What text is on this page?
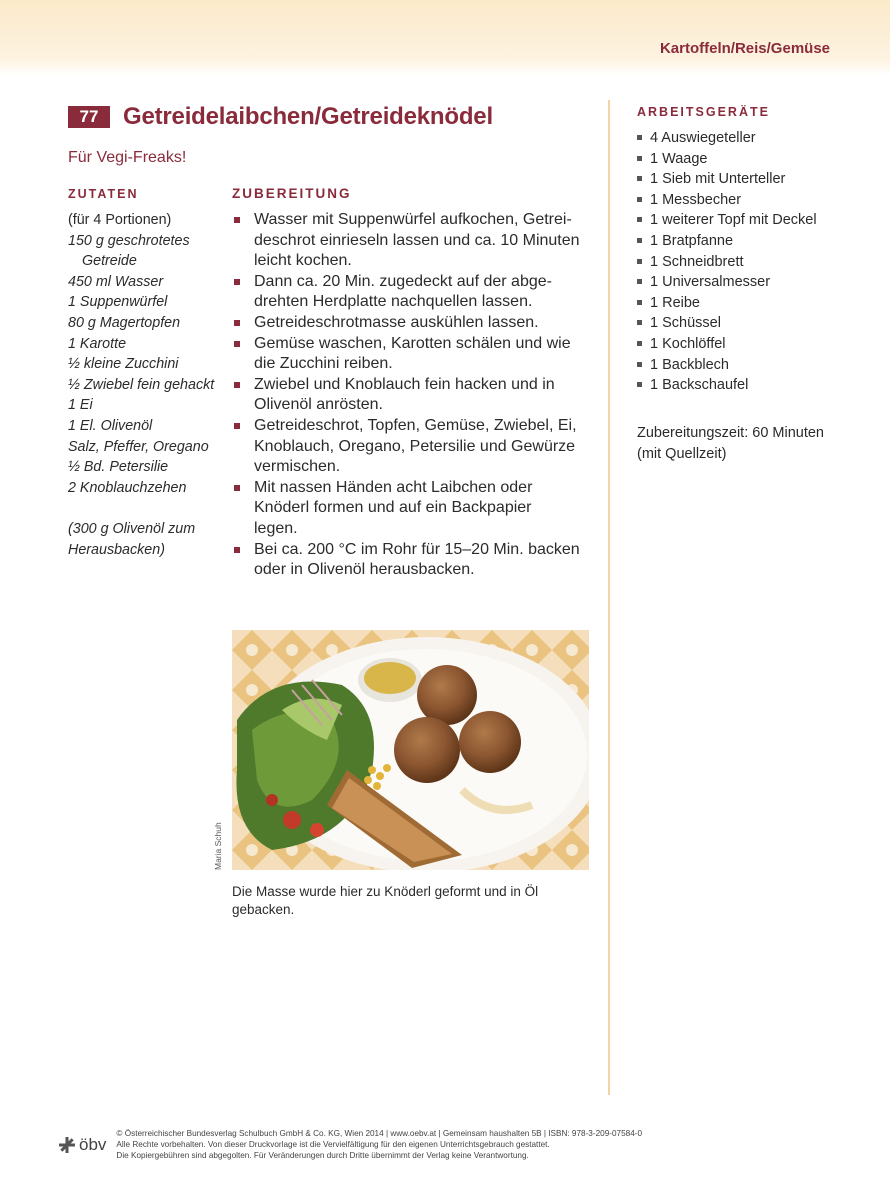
Kartoffeln/Reis/Gemüse
77	Getreidelaibchen/Getreideknödel
Für Vegi-Freaks!
ZUTATEN
(für 4 Portionen)
150 g geschrotetes
Getreide
450 ml Wasser
1 Suppenwürfel
80 g Magertopfen
1 Karotte
½ kleine Zucchini
½ Zwiebel fein gehackt
1 Ei
1 El. Olivenöl
Salz, Pfeffer, Oregano
½ Bd. Petersilie
2 Knoblauchzehen
(300 g Olivenöl zum
Herausbacken)
ZUBEREITUNG
Wasser mit Suppenwürfel aufkochen, Getrei-
deschrot einrieseln lassen und ca. 10 Minuten
leicht kochen.
Dann ca. 20 Min. zugedeckt auf der abge-
drehten Herdplatte nachquellen lassen.
Getreideschrotmasse auskühlen lassen.
Gemüse waschen, Karotten schälen und wie
die Zucchini reiben.
Zwiebel und Knoblauch fein hacken und in
Olivenöl anrösten.
Getreideschrot, Topfen, Gemüse, Zwiebel, Ei,
Knoblauch, Oregano, Petersilie und Gewürze
vermischen.
Mit nassen Händen acht Laibchen oder
Knöderl formen und auf ein Backpapier
legen.
Bei ca. 200 °C im Rohr für 15–20 Min. backen
oder in Olivenöl herausbacken.
ARBEITSGERÄTE
4 Auswiegeteller
1 Waage
1 Sieb mit Unterteller
1 Messbecher
1 weiterer Topf mit Deckel
1 Bratpfanne
1 Schneidbrett
1 Universalmesser
1 Reibe
1 Schüssel
1 Kochlöffel
1 Backblech
1 Backschaufel
Zubereitungszeit: 60 Minuten
(mit Quellzeit)
Maria Schuh
Die Masse wurde hier zu Knöderl geformt und in Öl
gebacken.
öbv
© Österreichischer Bundesverlag Schulbuch GmbH & Co. KG, Wien 2014 | www.oebv.at | Gemeinsam haushalten 5B | ISBN: 978-3-209-07584-0
Alle Rechte vorbehalten. Von dieser Druckvorlage ist die Vervielfältigung für den eigenen Unterrichtsgebrauch gestattet.
Die Kopiergebühren sind abgegolten. Für Veränderungen durch Dritte übernimmt der Verlag keine Verantwortung.
